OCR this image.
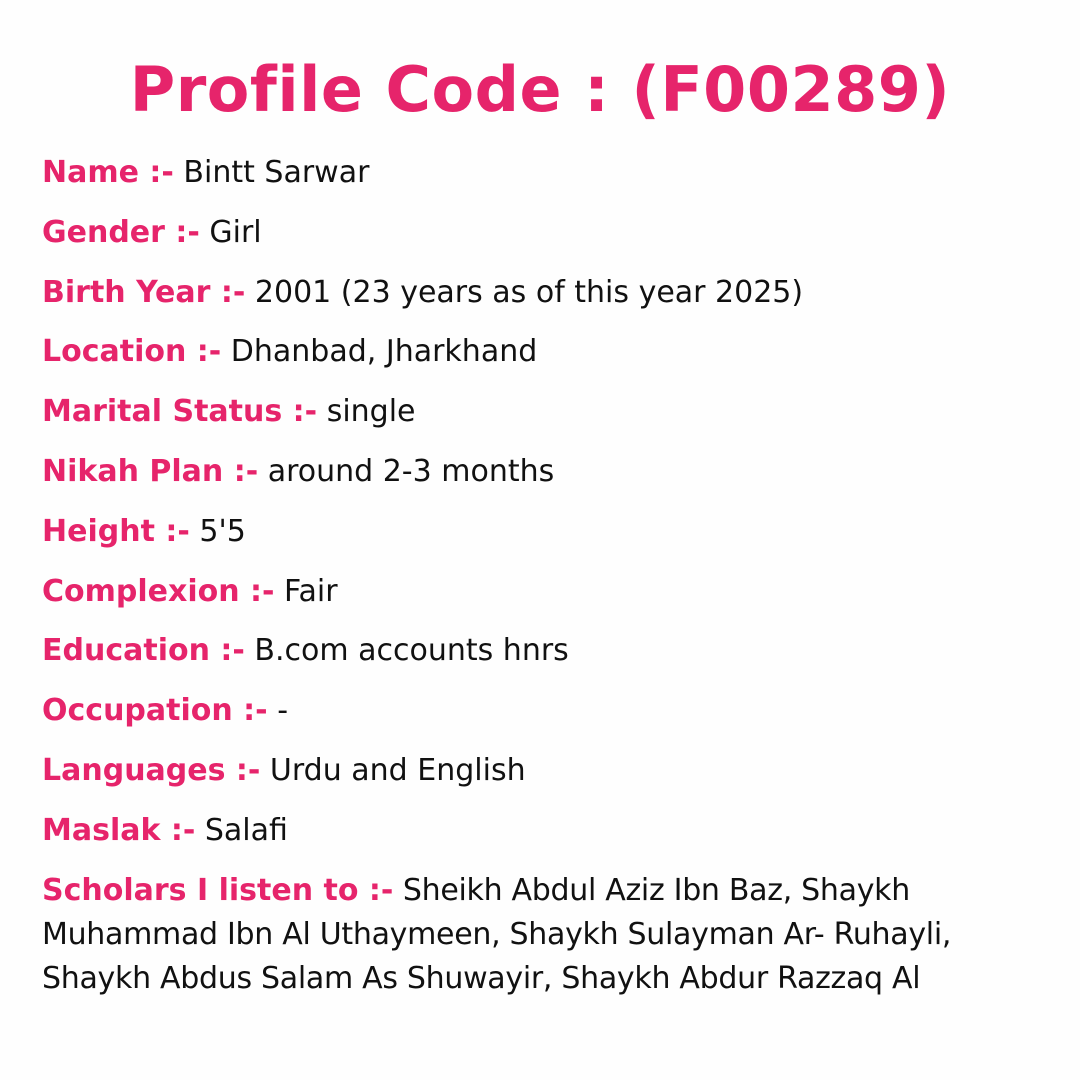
Profile Code : (F00289)
Name :- Bintt Sarwar
Gender :- Girl
Birth Year :- 2001 (23 years as of this year 2025)
Location :- Dhanbad, Jharkhand
Marital Status :- single
Nikah Plan :- around 2-3 months
Height :- 5'5
Complexion :- Fair
Education :- B.com accounts hnrs
Occupation :- -
Languages :- Urdu and English
Maslak :- Salafi
Scholars I listen to :- Sheikh Abdul Aziz Ibn Baz, Shaykh Muhammad Ibn Al Uthaymeen, Shaykh Sulayman Ar- Ruhayli, Shaykh Abdus Salam As Shuwayir, Shaykh Abdur Razzaq Al
